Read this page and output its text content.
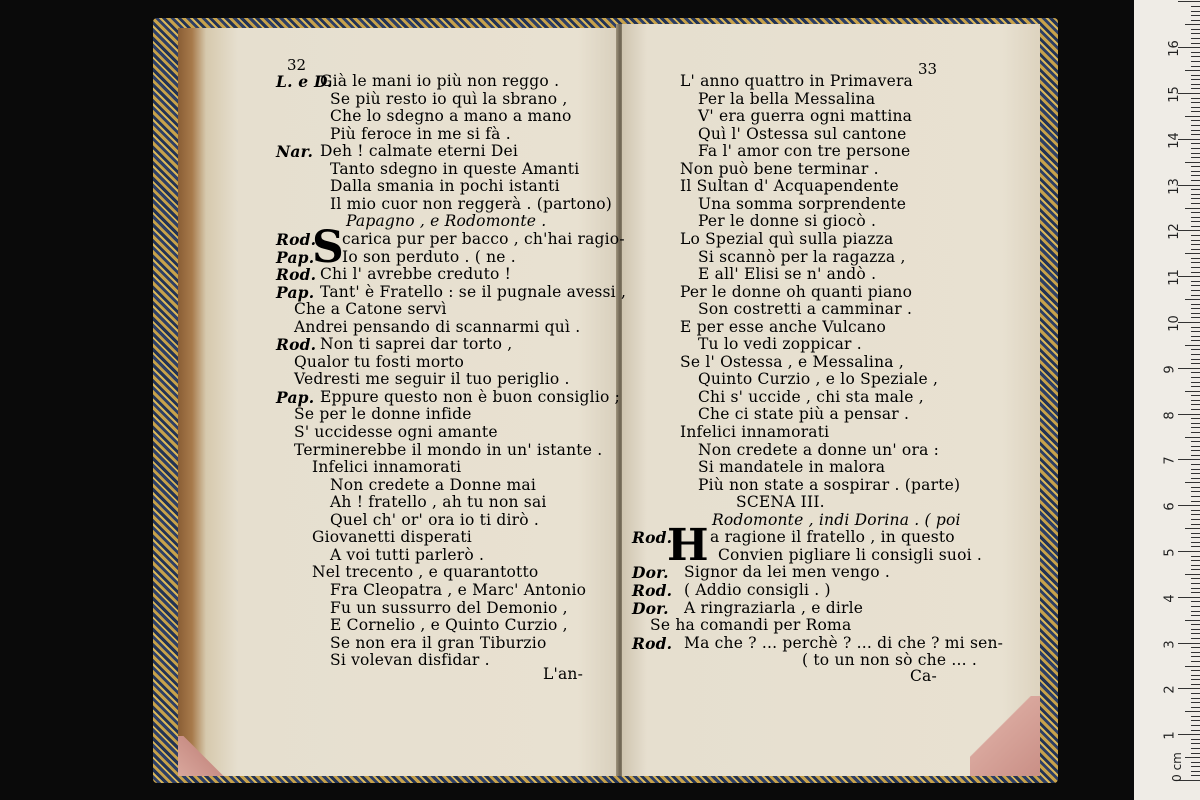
32	33
L. e D.
Già le mani io più non reggo .
Se più resto io quì la sbrano ,
Che lo sdegno a mano a mano
Più feroce in me si fà .
Nar. Deh ! calmate eterni Dei
Tanto sdegno in queste Amanti
Dalla smania in pochi istanti
Il mio cuor non reggerà . (partono)
Papagno , e Rodomonte .
Rod. carica pur per bacco , ch'hai ragio-
Pap. Io son perduto . ( ne .
Rod. Chi l' avrebbe creduto !
Pap. Tant' è Fratello : se il pugnale avessi ,
Che a Catone servì
Andrei pensando di scannarmi quì .
Rod. Non ti saprei dar torto ,
Qualor tu fosti morto
Vedresti me seguir il tuo periglio .
Pap. Eppure questo non è buon consiglio ;
Se per le donne infide
S' uccidesse ogni amante
Terminerebbe il mondo in un' istante .
Infelici innamorati
Non credete a Donne mai
Ah ! fratello , ah tu non sai
Quel ch' or' ora io ti dirò .
Giovanetti disperati
A voi tutti parlerò .
Nel trecento , e quarantotto
Fra Cleopatra , e Marc' Antonio
Fu un sussurro del Demonio ,
E Cornelio , e Quinto Curzio ,
Se non era il gran Tiburzio
Si volevan disfidar .
L' anno quattro in Primavera
Per la bella Messalina
V' era guerra ogni mattina
Quì l' Ostessa sul cantone
Fa l' amor con tre persone
Non può bene terminar .
Il Sultan d' Acquapendente
Una somma sorprendente
Per le donne si giocò .
Lo Spezial quì sulla piazza
Si scannò per la ragazza ,
E all' Elisi se n' andò .
Per le donne oh quanti piano
Son costretti a camminar .
E per esse anche Vulcano
Tu lo vedi zoppicar .
Se l' Ostessa , e Messalina ,
Quinto Curzio , e lo Speziale ,
Chi s' uccide , chi sta male ,
Che ci state più a pensar .
Infelici innamorati
Non credete a donne un' ora :
Si mandatele in malora
Più non state a sospirar . (parte)
SCENA III.
Rodomonte , indi Dorina . ( poi
Rod. a ragione il fratello , in questo
Convien pigliare li consigli suoi .
Dor. Signor da lei men vengo .
Rod. ( Addio consigli . )
Dor. A ringraziarla , e dirle
Se ha comandi per Roma
Rod. Ma che ? ... perchè ? ... di che ? mi sen-
( to un non sò che ... .
S
H
L'an-	Ca-
0 cm
1
2
3
4
5
6
7
8
9
10
11
12
13
14
15
16
